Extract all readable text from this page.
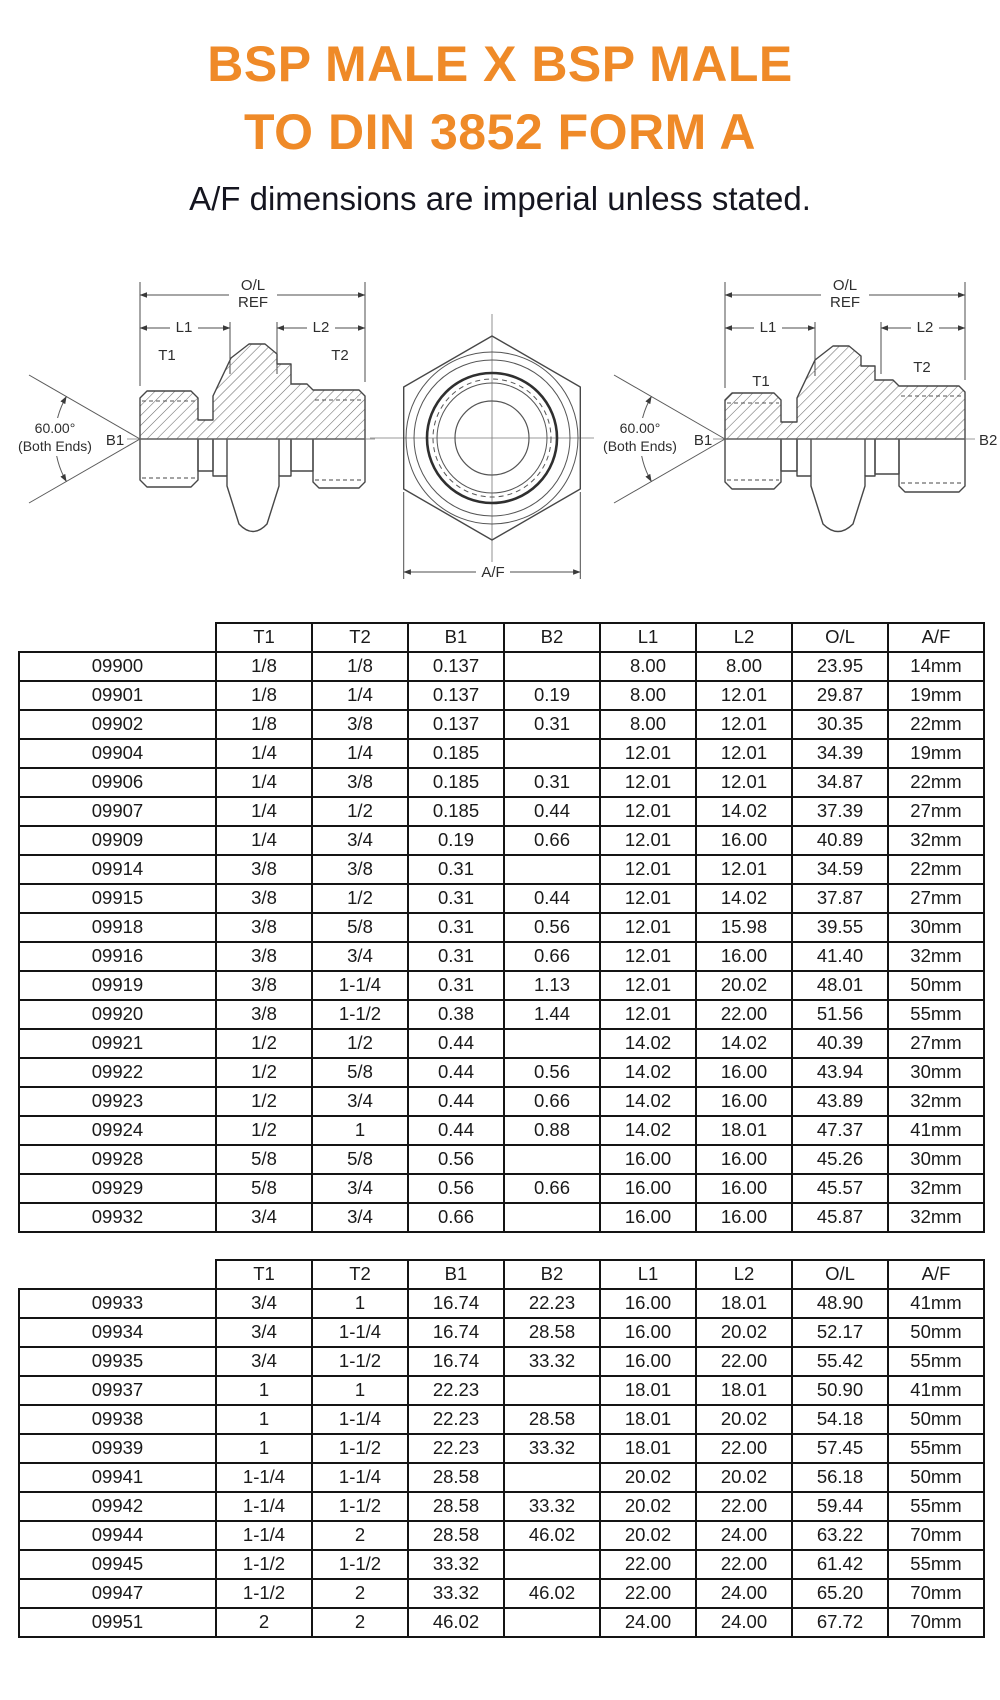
BSP MALE X BSP MALE
TO DIN 3852 FORM A
A/F dimensions are imperial unless stated.
O/L
REF
L1	L2
T1	T2
60.00°
(Both Ends) B1
A/F
O/L
REF
L1	L2
T1
T2
60.00°
(Both Ends) B1	B2
	T1	T2	B1	B2	L1	L2	O/L	A/F
09900	1/8	1/8	0.137		8.00	8.00	23.95	14mm
09901	1/8	1/4	0.137	0.19	8.00	12.01	29.87	19mm
09902	1/8	3/8	0.137	0.31	8.00	12.01	30.35	22mm
09904	1/4	1/4	0.185		12.01	12.01	34.39	19mm
09906	1/4	3/8	0.185	0.31	12.01	12.01	34.87	22mm
09907	1/4	1/2	0.185	0.44	12.01	14.02	37.39	27mm
09909	1/4	3/4	0.19	0.66	12.01	16.00	40.89	32mm
09914	3/8	3/8	0.31		12.01	12.01	34.59	22mm
09915	3/8	1/2	0.31	0.44	12.01	14.02	37.87	27mm
09918	3/8	5/8	0.31	0.56	12.01	15.98	39.55	30mm
09916	3/8	3/4	0.31	0.66	12.01	16.00	41.40	32mm
09919	3/8	1-1/4	0.31	1.13	12.01	20.02	48.01	50mm
09920	3/8	1-1/2	0.38	1.44	12.01	22.00	51.56	55mm
09921	1/2	1/2	0.44		14.02	14.02	40.39	27mm
09922	1/2	5/8	0.44	0.56	14.02	16.00	43.94	30mm
09923	1/2	3/4	0.44	0.66	14.02	16.00	43.89	32mm
09924	1/2	1	0.44	0.88	14.02	18.01	47.37	41mm
09928	5/8	5/8	0.56		16.00	16.00	45.26	30mm
09929	5/8	3/4	0.56	0.66	16.00	16.00	45.57	32mm
09932	3/4	3/4	0.66		16.00	16.00	45.87	32mm
	T1	T2	B1	B2	L1	L2	O/L	A/F
09933	3/4	1	16.74	22.23	16.00	18.01	48.90	41mm
09934	3/4	1-1/4	16.74	28.58	16.00	20.02	52.17	50mm
09935	3/4	1-1/2	16.74	33.32	16.00	22.00	55.42	55mm
09937	1	1	22.23		18.01	18.01	50.90	41mm
09938	1	1-1/4	22.23	28.58	18.01	20.02	54.18	50mm
09939	1	1-1/2	22.23	33.32	18.01	22.00	57.45	55mm
09941	1-1/4	1-1/4	28.58		20.02	20.02	56.18	50mm
09942	1-1/4	1-1/2	28.58	33.32	20.02	22.00	59.44	55mm
09944	1-1/4	2	28.58	46.02	20.02	24.00	63.22	70mm
09945	1-1/2	1-1/2	33.32		22.00	22.00	61.42	55mm
09947	1-1/2	2	33.32	46.02	22.00	24.00	65.20	70mm
09951	2	2	46.02		24.00	24.00	67.72	70mm
